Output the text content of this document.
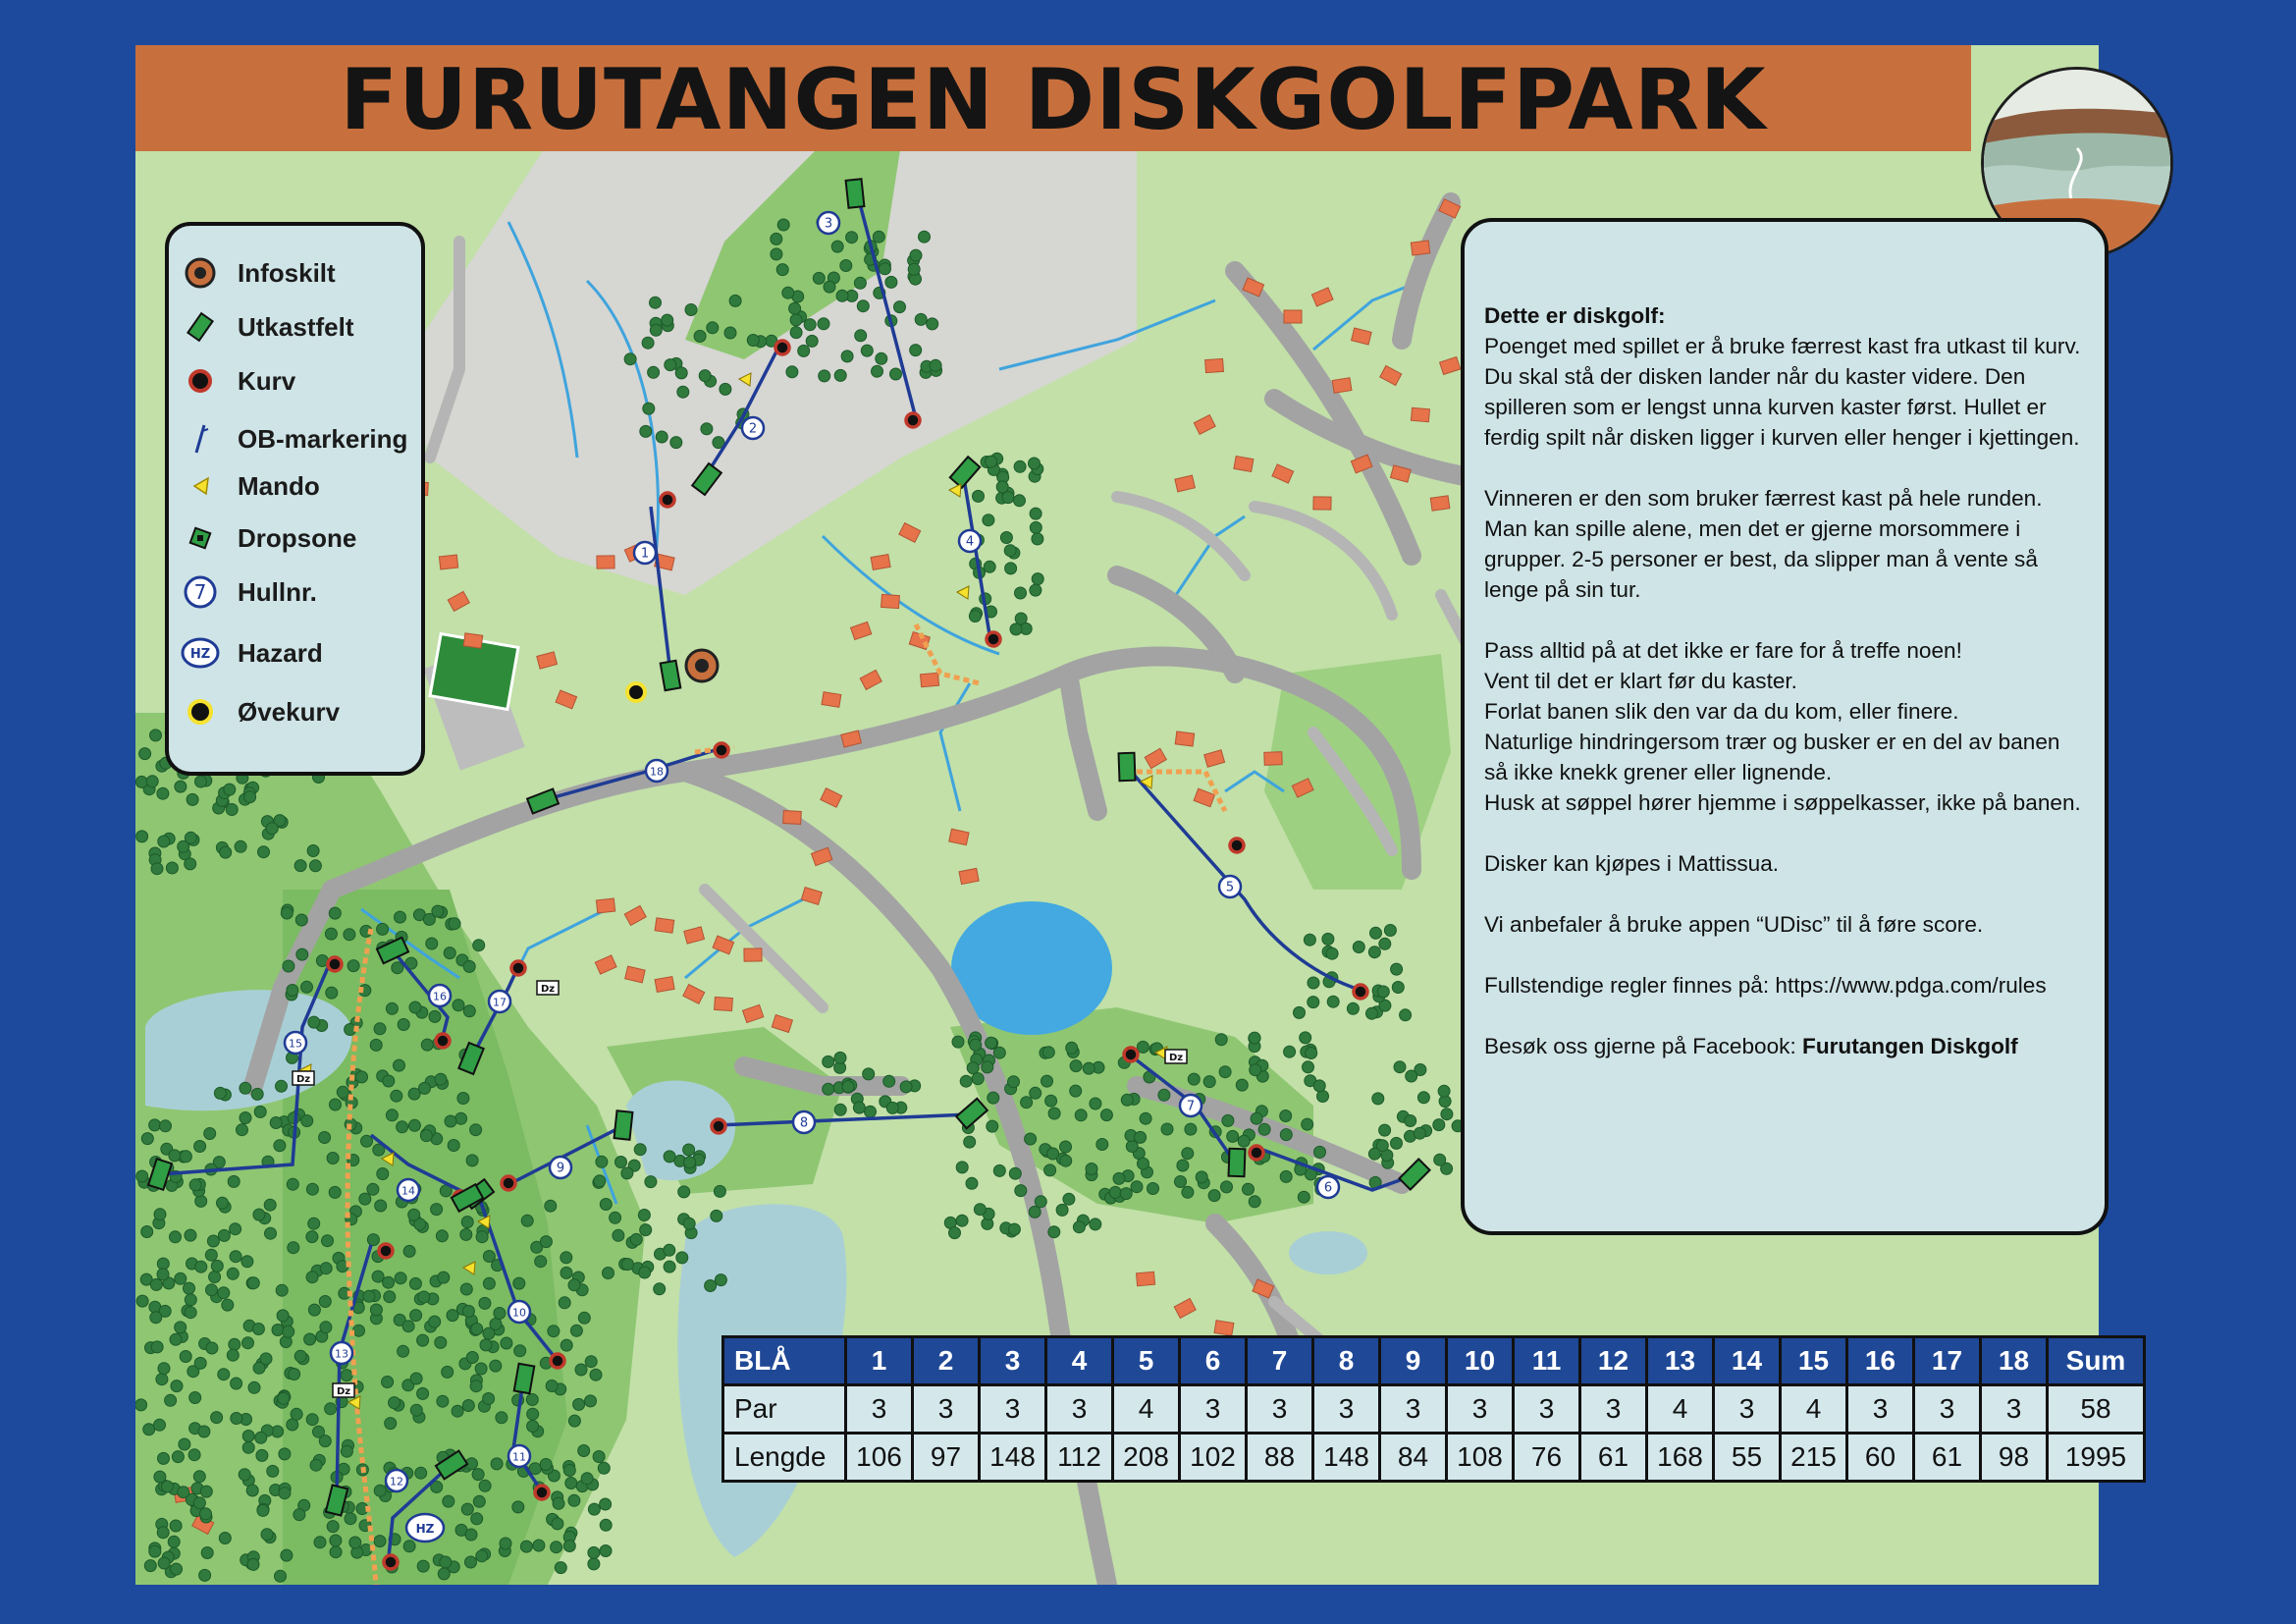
1
2
3
4
5
6
7
8
9
10
11
12
13
14
15
16	17
18
Dz
Dz
Dz
Dz
HZ
FURUTANGEN DISKGOLFPARK
Infoskilt
Utkastfelt
Kurv
OB-markering
Mando
Dropsone
7 Hullnr.
HZ Hazard
Øvekurv

Dette er diskgolf:
Poenget med spillet er å bruke færrest kast fra utkast til kurv. Du skal stå der disken lander når du kaster videre. Den spilleren som er lengst unna kurven kaster først. Hullet er ferdig spilt når disken ligger i kurven eller henger i kjettingen.

Vinneren er den som bruker færrest kast på hele runden. Man kan spille alene, men det er gjerne morsommere i grupper. 2-5 personer er best, da slipper man å vente så lenge på sin tur.

Pass alltid på at det ikke er fare for å treffe noen!
Vent til det er klart før du kaster.
Forlat banen slik den var da du kom, eller finere.
Naturlige hindringersom trær og busker er en del av banen så ikke knekk grener eller lignende.
Husk at søppel hører hjemme i søppelkasser, ikke på banen.

Disker kan kjøpes i Mattissua.

Vi anbefaler å bruke appen “UDisc” til å føre score.

Fullstendige regler finnes på: https://www.pdga.com/rules

Besøk oss gjerne på Facebook: Furutangen Diskgolf

BLÅ	1	2	3	4	5	6	7	8	9	10	11	12	13	14	15	16	17	18	Sum
Par	3	3	3	3	4	3	3	3	3	3	3	3	4	3	4	3	3	3	58
Lengde	106	97	148	112	208	102	88	148	84	108	76	61	168	55	215	60	61	98	1995
